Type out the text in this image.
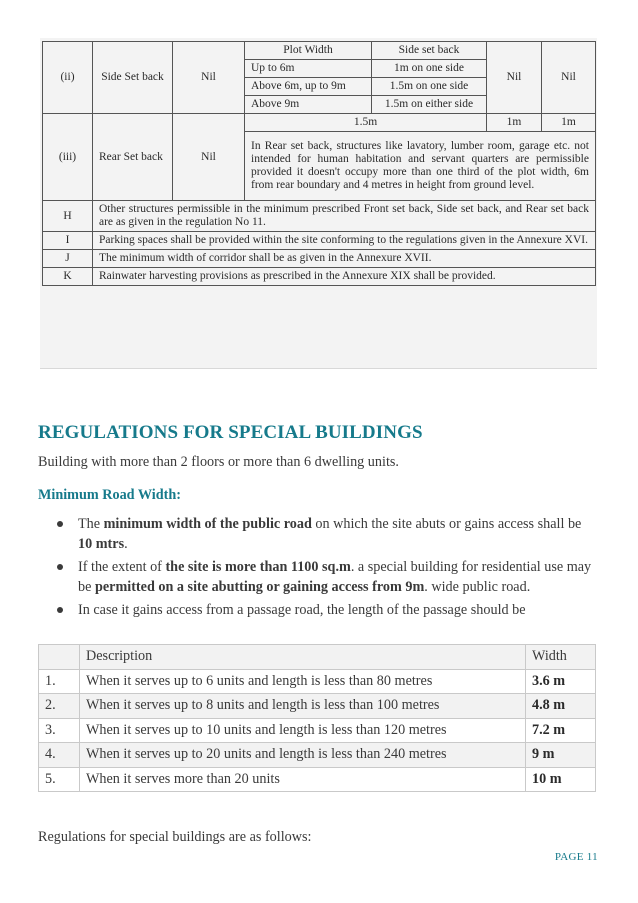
(ii)	Side Set back	Nil	Plot Width	Side set back	Nil	Nil
			Up to 6m	1m on one side		
			Above 6m, up to 9m	1.5m on one side		
			Above 9m	1.5m on either side		
(iii)	Rear Set back	Nil	1.5m		1m	1m
			In Rear set back, structures like lavatory, lumber room, garage etc. not intended for human habitation and servant quarters are permissible provided it doesn't occupy more than one third of the plot width, 6m from rear boundary and 4 metres in height from ground level.			
H	Other structures permissible in the minimum prescribed Front set back, Side set back, and Rear set back are as given in the regulation No 11.					
I	Parking spaces shall be provided within the site conforming to the regulations given in the Annexure XVI.					
J	The minimum width of corridor shall be as given in the Annexure XVII.					
K	Rainwater harvesting provisions as prescribed in the Annexure XIX shall be provided.					
REGULATIONS FOR SPECIAL BUILDINGS

Building with more than 2 floors or more than 6 dwelling units.

Minimum Road Width:

The minimum width of the public road on which the site abuts or gains access shall be 10 mtrs.
If the extent of the site is more than 1100 sq.m. a special building for residential use may be permitted on a site abutting or gaining access from 9m. wide public road.
In case it gains access from a passage road, the length of the passage should be
	Description	Width
1.	When it serves up to 6 units and length is less than 80 metres	3.6 m
2.	When it serves up to 8 units and length is less than 100 metres	4.8 m
3.	When it serves up to 10 units and length is less than 120 metres	7.2 m
4.	When it serves up to 20 units and length is less than 240 metres	9 m
5.	When it serves more than 20 units	10 m

Regulations for special buildings are as follows:

PAGE 11
